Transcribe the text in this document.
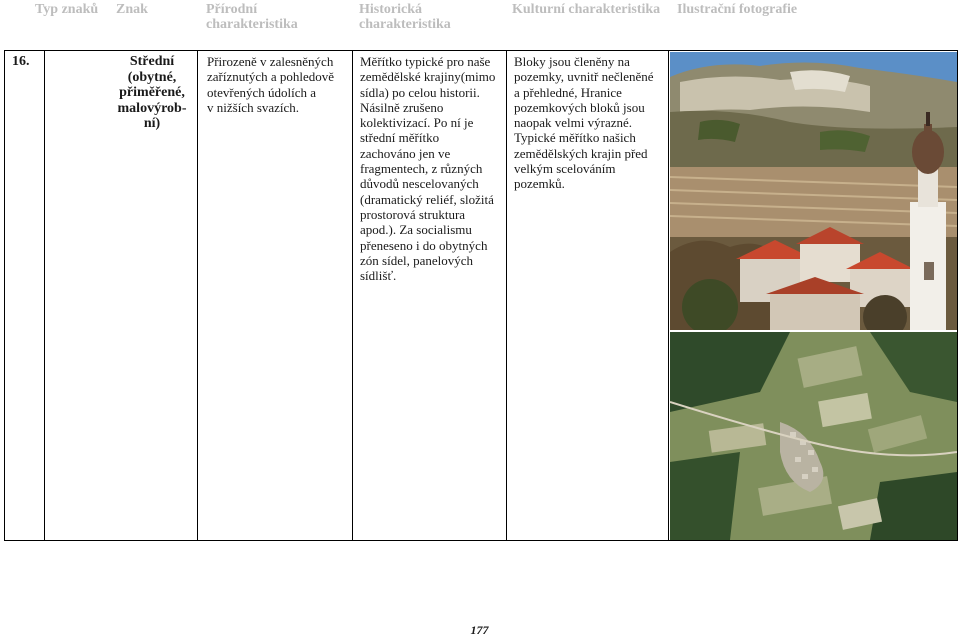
Typ znaků Znak	Přírodní
charakteristika
Historická
charakteristika
Kulturní charakteristika Ilustrační fotografie
16.	Střední
(obytné,
přiměřené,
malovýrob-
ní)
Přirozeně v zalesněných
zaříznutých a pohledově
otevřených údolích a
v nižších svazích.
Měřítko typické pro naše
zemědělské krajiny(mimo
sídla) po celou historii.
Násilně zrušeno
kolektivizací. Po ní je
střední měřítko
zachováno jen ve
fragmentech, z různých
důvodů nescelovaných
(dramatický reliéf, složitá
prostorová struktura
apod.). Za socialismu
přeneseno i do obytných
zón sídel, panelových
sídlišť.
Bloky jsou členěny na
pozemky, uvnitř nečleněné
a přehledné, Hranice
pozemkových bloků jsou
naopak velmi výrazné.
Typické měřítko našich
zemědělských krajin před
velkým scelováním
pozemků.
177
